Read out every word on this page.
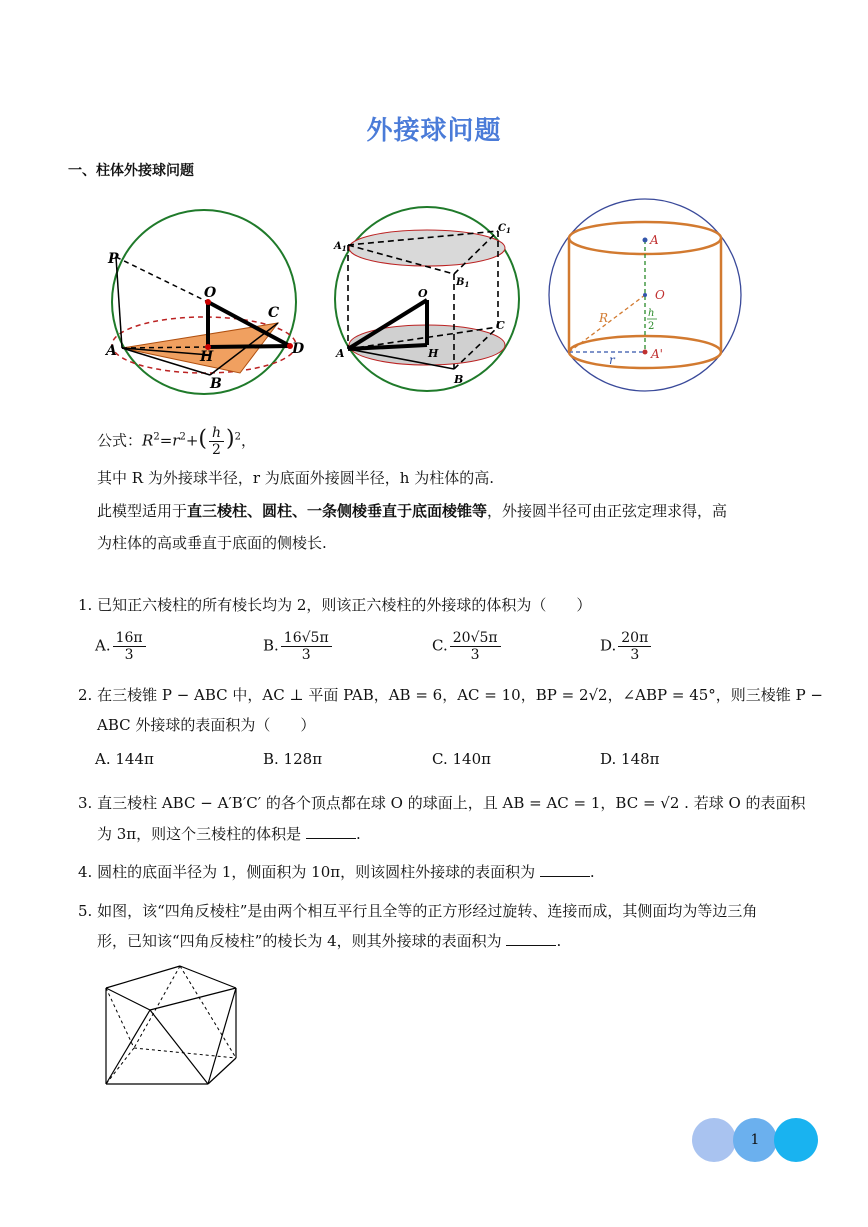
外接球问题
一、柱体外接球问题
P
O
C
A	H	D
B
$A_1$
$C_1$
$B_1$
O
A	H
C
B
A
O
R	h
2
r	A'
公式：$R^2=r^2+( \frac{h}{2} )^2$，
其中 R 为外接球半径，r 为底面外接圆半径，h 为柱体的高.
此模型适用于直三棱柱、圆柱、一条侧棱垂直于底面棱锥等，外接圆半径可由正弦定理求得，高
为柱体的高或垂直于底面的侧棱长.
1. 已知正六棱柱的所有棱长均为 2，则该正六棱柱的外接球的体积为（　　）
A. $\frac{16\pi}{3}$	B. $\frac{16√5\pi}{3}$	C. $\frac{20√5\pi}{3}$	D. $\frac{20\pi}{3}$
2. 在三棱锥 P − ABC 中，AC ⊥ 平面 PAB，AB = 6，AC = 10，BP = 2√2，∠ABP = 45°，则三棱锥 P −
ABC 外接球的表面积为（　　）
A. 144π	B. 128π	C. 140π	D. 148π
3. 直三棱柱 ABC − A′B′C′ 的各个顶点都在球 O 的球面上，且 AB = AC = 1，BC = √2 . 若球 O 的表面积
为 3π，则这个三棱柱的体积是	.
4. 圆柱的底面半径为 1，侧面积为 10π，则该圆柱外接球的表面积为	.
5. 如图，该“四角反棱柱”是由两个相互平行且全等的正方形经过旋转、连接而成，其侧面均为等边三角
形，已知该“四角反棱柱”的棱长为 4，则其外接球的表面积为	.
1
